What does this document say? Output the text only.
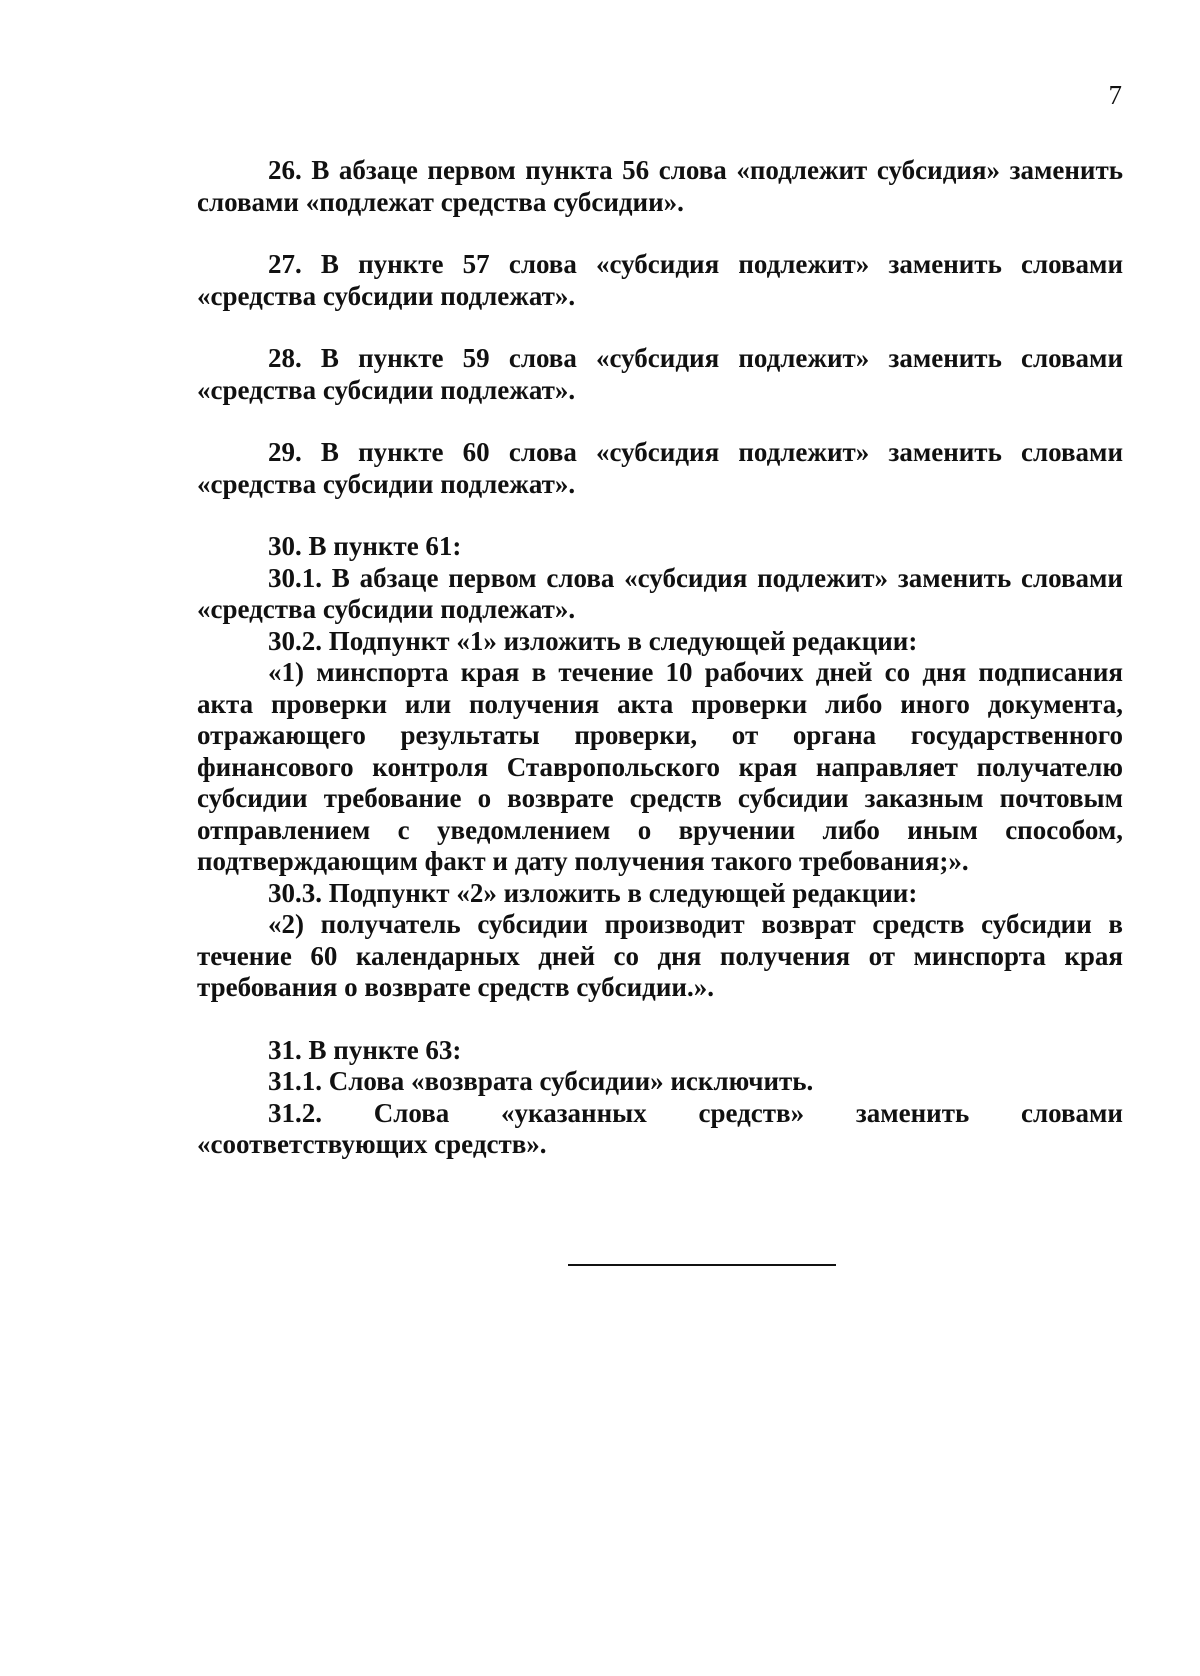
7

26. В абзаце первом пункта 56 слова «подлежит субсидия» заменить словами «подлежат средства субсидии».

27. В пункте 57 слова «субсидия подлежит» заменить словами «средства субсидии подлежат».

28. В пункте 59 слова «субсидия подлежит» заменить словами «средства субсидии подлежат».

29. В пункте 60 слова «субсидия подлежит» заменить словами «средства субсидии подлежат».

30. В пункте 61:

30.1. В абзаце первом слова «субсидия подлежит» заменить словами «средства субсидии подлежат».

30.2. Подпункт «1» изложить в следующей редакции:

«1) минспорта края в течение 10 рабочих дней со дня подписания акта проверки или получения акта проверки либо иного документа, отражающего результаты проверки, от органа государственного финансового контроля Ставропольского края направляет получателю субсидии требование о возврате средств субсидии заказным почтовым отправлением с уведомлением о вручении либо иным способом, подтверждающим факт и дату получения такого требования;».

30.3. Подпункт «2» изложить в следующей редакции:

«2) получатель субсидии производит возврат средств субсидии в течение 60 календарных дней со дня получения от минспорта края требования о возврате средств субсидии.».

31. В пункте 63:

31.1. Слова «возврата субсидии» исключить.

31.2. Слова «указанных средств» заменить словами «соответствующих средств».
